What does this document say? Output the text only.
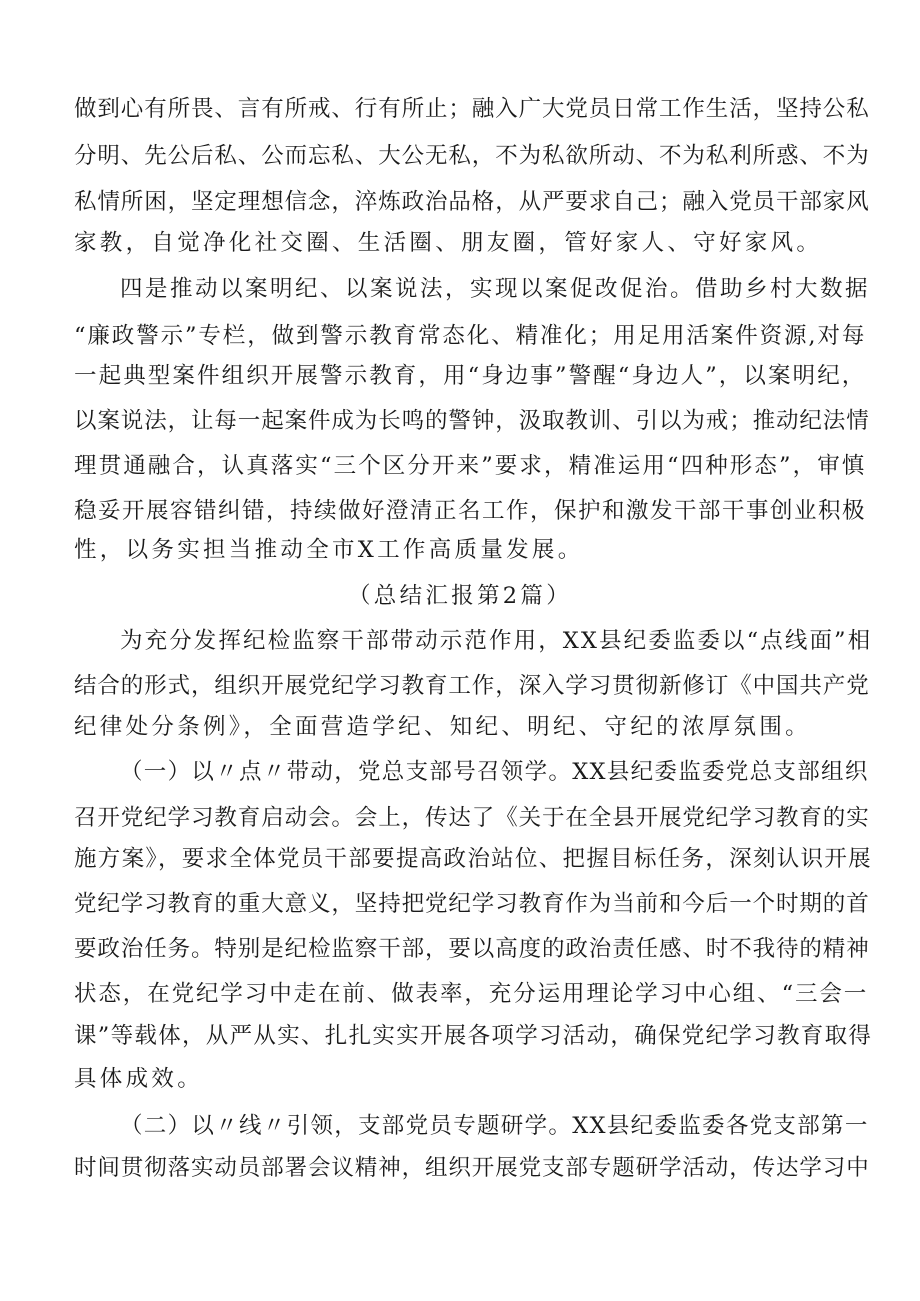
做到心有所畏、言有所戒、行有所止；融入广大党员日常工作生活，坚持公私
分明、先公后私、公而忘私、大公无私，不为私欲所动、不为私利所惑、不为
私情所困，坚定理想信念，淬炼政治品格，从严要求自己；融入党员干部家风
家教，自觉净化社交圈、生活圈、朋友圈，管好家人、守好家风。
四是推动以案明纪、以案说法，实现以案促改促治。借助乡村大数据
“廉政警示”专栏，做到警示教育常态化、精准化；用足用活案件资源,对每
一起典型案件组织开展警示教育，用“身边事”警醒“身边人”，以案明纪，
以案说法，让每一起案件成为长鸣的警钟，汲取教训、引以为戒；推动纪法情
理贯通融合，认真落实“三个区分开来”要求，精准运用“四种形态”，审慎
稳妥开展容错纠错，持续做好澄清正名工作，保护和激发干部干事创业积极
性，以务实担当推动全市X工作高质量发展。
（总结汇报第2篇）
为充分发挥纪检监察干部带动示范作用，XX县纪委监委以“点线面”相
结合的形式，组织开展党纪学习教育工作，深入学习贯彻新修订《中国共产党
纪律处分条例》，全面营造学纪、知纪、明纪、守纪的浓厚氛围。
（一）以〃点〃带动，党总支部号召领学。XX县纪委监委党总支部组织
召开党纪学习教育启动会。会上，传达了《关于在全县开展党纪学习教育的实
施方案》，要求全体党员干部要提高政治站位、把握目标任务，深刻认识开展
党纪学习教育的重大意义，坚持把党纪学习教育作为当前和今后一个时期的首
要政治任务。特别是纪检监察干部，要以高度的政治责任感、时不我待的精神
状态，在党纪学习中走在前、做表率，充分运用理论学习中心组、“三会一
课”等载体，从严从实、扎扎实实开展各项学习活动，确保党纪学习教育取得
具体成效。
（二）以〃线〃引领，支部党员专题研学。XX县纪委监委各党支部第一
时间贯彻落实动员部署会议精神，组织开展党支部专题研学活动，传达学习中
